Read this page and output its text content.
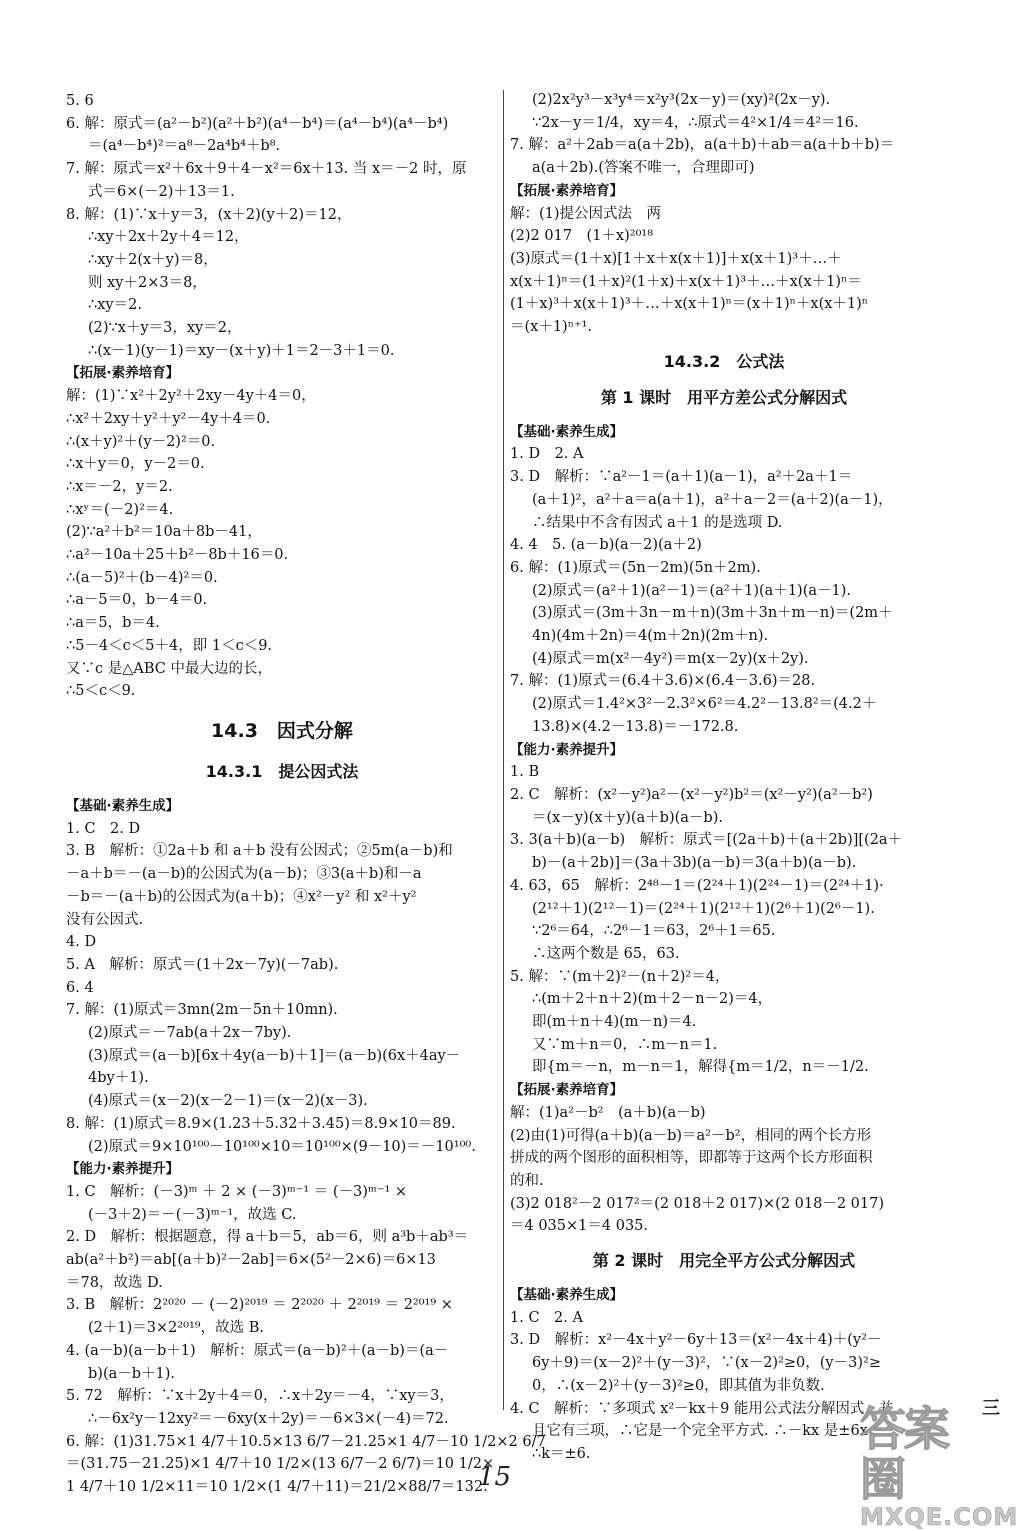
5. 6
6. 解：原式＝(a²－b²)(a²＋b²)(a⁴－b⁴)＝(a⁴－b⁴)(a⁴－b⁴)
＝(a⁴－b⁴)²＝a⁸－2a⁴b⁴＋b⁸.
7. 解：原式＝x²＋6x＋9＋4－x²＝6x＋13. 当 x＝－2 时，原
式＝6×(－2)＋13＝1.
8. 解：(1)∵x＋y＝3，(x＋2)(y＋2)＝12，
∴xy＋2x＋2y＋4＝12，
∴xy＋2(x＋y)＝8，
则 xy＋2×3＝8，
∴xy＝2.
(2)∵x＋y＝3，xy＝2，
∴(x－1)(y－1)＝xy－(x＋y)＋1＝2－3＋1＝0.
【拓展·素养培育】
解：(1)∵x²＋2y²＋2xy－4y＋4＝0，
∴x²＋2xy＋y²＋y²－4y＋4＝0.
∴(x＋y)²＋(y－2)²＝0.
∴x＋y＝0，y－2＝0.
∴x＝－2，y＝2.
∴xʸ＝(－2)²＝4.
(2)∵a²＋b²＝10a＋8b－41，
∴a²－10a＋25＋b²－8b＋16＝0.
∴(a－5)²＋(b－4)²＝0.
∴a－5＝0，b－4＝0.
∴a＝5，b＝4.
∴5－4＜c＜5＋4，即 1＜c＜9.
又∵c 是△ABC 中最大边的长，
∴5＜c＜9.
14.3　因式分解
14.3.1　提公因式法
【基础·素养生成】
1. C　2. D
3. B　解析：①2a＋b 和 a＋b 没有公因式；②5m(a－b)和
－a＋b＝－(a－b)的公因式为(a－b)；③3(a＋b)和－a
－b＝－(a＋b)的公因式为(a＋b)；④x²－y² 和 x²＋y²
没有公因式.
4. D
5. A　解析：原式＝(1＋2x－7y)(－7ab).
6. 4
7. 解：(1)原式＝3mn(2m－5n＋10mn).
(2)原式＝－7ab(a＋2x－7by).
(3)原式＝(a－b)[6x＋4y(a－b)＋1]＝(a－b)(6x＋4ay－
4by＋1).
(4)原式＝(x－2)(x－2－1)＝(x－2)(x－3).
8. 解：(1)原式＝8.9×(1.23＋5.32＋3.45)＝8.9×10＝89.
(2)原式＝9×10¹⁰⁰－10¹⁰⁰×10＝10¹⁰⁰×(9－10)＝－10¹⁰⁰.
【能力·素养提升】
1. C　解析：(－3)ᵐ ＋ 2 × (－3)ᵐ⁻¹ ＝ (－3)ᵐ⁻¹ ×
(－3＋2)＝－(－3)ᵐ⁻¹，故选 C.
2. D　解析：根据题意，得 a＋b＝5，ab＝6，则 a³b＋ab³＝
ab(a²＋b²)＝ab[(a＋b)²－2ab]＝6×(5²－2×6)＝6×13
＝78，故选 D.
3. B　解析：2²⁰²⁰ － (－2)²⁰¹⁹ ＝ 2²⁰²⁰ ＋ 2²⁰¹⁹ ＝ 2²⁰¹⁹ ×
(2＋1)＝3×2²⁰¹⁹，故选 B.
4. (a－b)(a－b＋1)　解析：原式＝(a－b)²＋(a－b)＝(a－
b)(a－b＋1).
5. 72　解析：∵x＋2y＋4＝0，∴x＋2y＝－4，∵xy＝3，
∴－6x²y－12xy²＝－6xy(x＋2y)＝－6×3×(－4)＝72.
6. 解：(1)31.75×1 4/7＋10.5×13 6/7－21.25×1 4/7－10 1/2×2 6/7
＝(31.75－21.25)×1 4/7＋10 1/2×(13 6/7－2 6/7)＝10 1/2×
1 4/7＋10 1/2×11＝10 1/2×(1 4/7＋11)＝21/2×88/7＝132.
(2)2x²y³－x³y⁴＝x²y³(2x－y)＝(xy)²(2x－y).
∵2x－y＝1/4，xy＝4，∴原式＝4²×1/4＝4²＝16.
7. 解：a²＋2ab＝a(a＋2b)，a(a＋b)＋ab＝a(a＋b＋b)＝
a(a＋2b).(答案不唯一，合理即可)
【拓展·素养培育】
解：(1)提公因式法　两
(2)2 017　(1＋x)²⁰¹⁸
(3)原式＝(1＋x)[1＋x＋x(x＋1)]＋x(x＋1)³＋…＋
x(x＋1)ⁿ＝(1＋x)²(1＋x)＋x(x＋1)³＋…＋x(x＋1)ⁿ＝
(1＋x)³＋x(x＋1)³＋…＋x(x＋1)ⁿ＝(x＋1)ⁿ＋x(x＋1)ⁿ
＝(x＋1)ⁿ⁺¹.
14.3.2　公式法
第 1 课时　用平方差公式分解因式
【基础·素养生成】
1. D　2. A
3. D　解析：∵a²－1＝(a＋1)(a－1)，a²＋2a＋1＝
(a＋1)²，a²＋a＝a(a＋1)，a²＋a－2＝(a＋2)(a－1)，
∴结果中不含有因式 a＋1 的是选项 D.
4. 4　5. (a－b)(a－2)(a＋2)
6. 解：(1)原式＝(5n－2m)(5n＋2m).
(2)原式＝(a²＋1)(a²－1)＝(a²＋1)(a＋1)(a－1).
(3)原式＝(3m＋3n－m＋n)(3m＋3n＋m－n)＝(2m＋
4n)(4m＋2n)＝4(m＋2n)(2m＋n).
(4)原式＝m(x²－4y²)＝m(x－2y)(x＋2y).
7. 解：(1)原式＝(6.4＋3.6)×(6.4－3.6)＝28.
(2)原式＝1.4²×3²－2.3²×6²＝4.2²－13.8²＝(4.2＋
13.8)×(4.2－13.8)＝－172.8.
【能力·素养提升】
1. B
2. C　解析：(x²－y²)a²－(x²－y²)b²＝(x²－y²)(a²－b²)
＝(x－y)(x＋y)(a＋b)(a－b).
3. 3(a＋b)(a－b)　解析：原式＝[(2a＋b)＋(a＋2b)][(2a＋
b)－(a＋2b)]＝(3a＋3b)(a－b)＝3(a＋b)(a－b).
4. 63，65　解析：2⁴⁸－1＝(2²⁴＋1)(2²⁴－1)＝(2²⁴＋1)·
(2¹²＋1)(2¹²－1)＝(2²⁴＋1)(2¹²＋1)(2⁶＋1)(2⁶－1).
∵2⁶＝64，∴2⁶－1＝63，2⁶＋1＝65.
∴这两个数是 65，63.
5. 解：∵(m＋2)²－(n＋2)²＝4，
∴(m＋2＋n＋2)(m＋2－n－2)＝4，
即(m＋n＋4)(m－n)＝4.
又∵m＋n＝0，∴m－n＝1.
即{m＝－n，m－n＝1，解得{m＝1/2，n＝－1/2.
【拓展·素养培育】
解：(1)a²－b²　(a＋b)(a－b)
(2)由(1)可得(a＋b)(a－b)＝a²－b²，相同的两个长方形
拼成的两个图形的面积相等，即都等于这两个长方形面积
的和.
(3)2 018²－2 017²＝(2 018＋2 017)×(2 018－2 017)
＝4 035×1＝4 035.
第 2 课时　用完全平方公式分解因式
【基础·素养生成】
1. C　2. A
3. D　解析：x²－4x＋y²－6y＋13＝(x²－4x＋4)＋(y²－
6y＋9)＝(x－2)²＋(y－3)²，∵(x－2)²≥0，(y－3)²≥
0，∴(x－2)²＋(y－3)²≥0，即其值为非负数.
4. C　解析：∵多项式 x²－kx＋9 能用公式法分解因式，并
且它有三项，∴它是一个完全平方式. ∴－kx 是±6x.
∴k＝±6.
15
三
答案圈
MXQE.COM
